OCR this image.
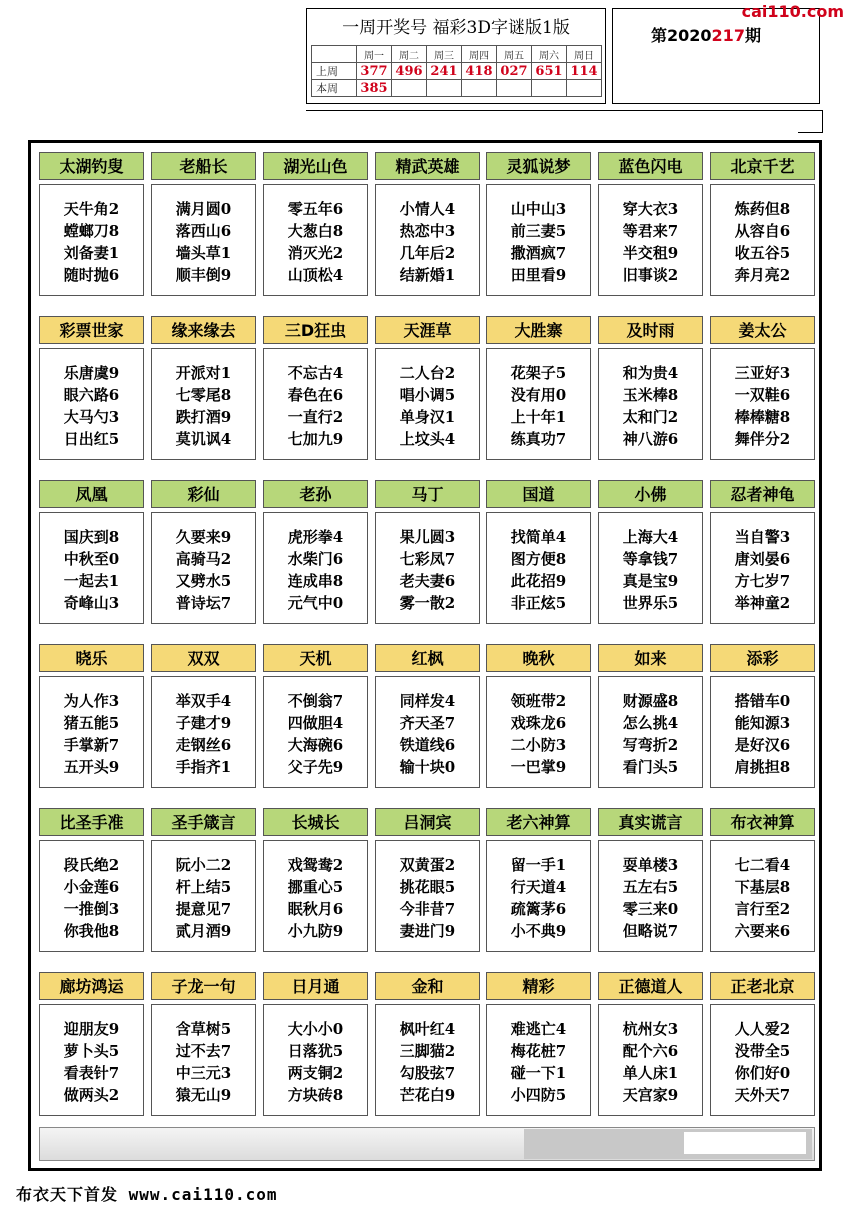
一周开奖号 福彩3D字谜版1版
	周一	周二	周三	周四	周五	周六	周日
上周	377	496	241	418	027	651	114
本周	385						
第2020217期
cai110.com
太湖钓叟
天牛角2
螳螂刀8
刘备妻1
随时抛6
老船长
满月圆0
落西山6
墙头草1
顺丰倒9
湖光山色
零五年6
大葱白8
消灭光2
山顶松4
精武英雄
小情人4
热恋中3
几年后2
结新婚1
灵狐说梦
山中山3
前三妻5
撒酒疯7
田里看9
蓝色闪电
穿大衣3
等君来7
半交租9
旧事谈2
北京千艺
炼药但8
从容自6
收五谷5
奔月亮2
彩票世家
乐唐虞9
眼六路6
大马勺3
日出红5
缘来缘去
开派对1
七零尾8
跌打酒9
莫讥讽4
三D狂虫
不忘古4
春色在6
一直行2
七加九9
天涯草
二人台2
唱小调5
单身汉1
上坟头4
大胜寨
花架子5
没有用0
上十年1
练真功7
及时雨
和为贵4
玉米棒8
太和门2
神八游6
姜太公
三亚好3
一双鞋6
棒棒糖8
舞伴分2
凤凰
国庆到8
中秋至0
一起去1
奇峰山3
彩仙
久要来9
高骑马2
又劈水5
普诗坛7
老孙
虎形拳4
水柴门6
连成串8
元气中0
马丁
果儿圆3
七彩凤7
老夫妻6
雾一散2
国道
找简单4
图方便8
此花招9
非正炫5
小佛
上海大4
等拿钱7
真是宝9
世界乐5
忍者神龟
当自警3
唐刘晏6
方七岁7
举神童2
晓乐
为人作3
猪五能5
手掌新7
五开头9
双双
举双手4
子建才9
走钢丝6
手指齐1
天机
不倒翁7
四做胆4
大海碗6
父子先9
红枫
同样发4
齐天圣7
铁道线6
输十块0
晚秋
领班带2
戏珠龙6
二小防3
一巴掌9
如来
财源盛8
怎么挑4
写弯折2
看门头5
添彩
搭错车0
能知源3
是好汉6
肩挑担8
比圣手准
段氏绝2
小金莲6
一推倒3
你我他8
圣手箴言
阮小二2
杆上结5
提意见7
贰月酒9
长城长
戏鸳鸯2
挪重心5
眠秋月6
小九防9
吕洞宾
双黄蛋2
挑花眼5
今非昔7
妻进门9
老六神算
留一手1
行天道4
疏篱茅6
小不典9
真实谎言
耍单楼3
五左右5
零三来0
但略说7
布衣神算
七二看4
下基层8
言行至2
六要来6
廊坊鸿运
迎朋友9
萝卜头5
看表针7
做两头2
子龙一句
含草树5
过不去7
中三元3
猿无山9
日月通
大小小0
日落犹5
两支铜2
方块砖8
金和
枫叶红4
三脚猫2
勾股弦7
芒花白9
精彩
难逃亡4
梅花桩7
碰一下1
小四防5
正德道人
杭州女3
配个六6
单人床1
天宫家9
正老北京
人人爱2
没带全5
你们好0
天外天7
布衣天下首发 www.cai110.com
